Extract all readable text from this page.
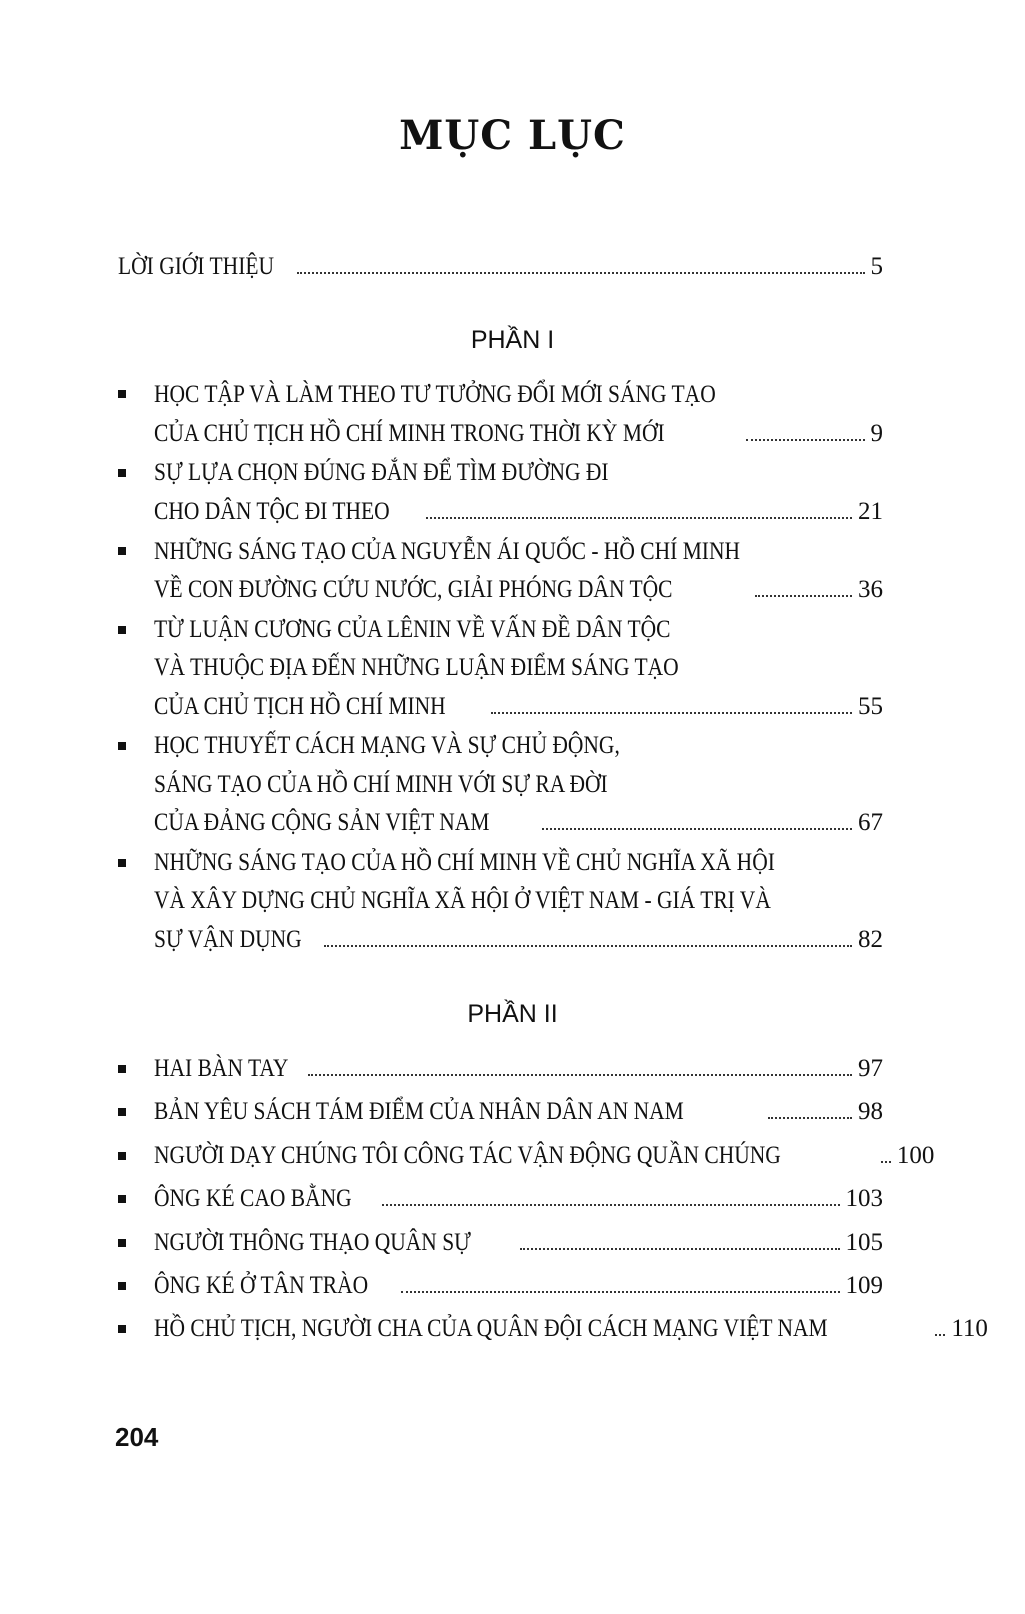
MỤC LỤC
LỜI GIỚI THIỆU	5
PHẦN I
HỌC TẬP VÀ LÀM THEO TƯ TƯỞNG ĐỔI MỚI SÁNG TẠO
CỦA CHỦ TỊCH HỒ CHÍ MINH TRONG THỜI KỲ MỚI	9
SỰ LỰA CHỌN ĐÚNG ĐẮN ĐỂ TÌM ĐƯỜNG ĐI
CHO DÂN TỘC ĐI THEO	21
NHỮNG SÁNG TẠO CỦA NGUYỄN ÁI QUỐC - HỒ CHÍ MINH
VỀ CON ĐƯỜNG CỨU NƯỚC, GIẢI PHÓNG DÂN TỘC	36
TỪ LUẬN CƯƠNG CỦA LÊNIN VỀ VẤN ĐỀ DÂN TỘC
VÀ THUỘC ĐỊA ĐẾN NHỮNG LUẬN ĐIỂM SÁNG TẠO
CỦA CHỦ TỊCH HỒ CHÍ MINH	55
HỌC THUYẾT CÁCH MẠNG VÀ SỰ CHỦ ĐỘNG,
SÁNG TẠO CỦA HỒ CHÍ MINH VỚI SỰ RA ĐỜI
CỦA ĐẢNG CỘNG SẢN VIỆT NAM	67
NHỮNG SÁNG TẠO CỦA HỒ CHÍ MINH VỀ CHỦ NGHĨA XÃ HỘI
VÀ XÂY DỰNG CHỦ NGHĨA XÃ HỘI Ở VIỆT NAM - GIÁ TRỊ VÀ
SỰ VẬN DỤNG	82
PHẦN II
HAI BÀN TAY	97
BẢN YÊU SÁCH TÁM ĐIỂM CỦA NHÂN DÂN AN NAM	98
NGƯỜI DẠY CHÚNG TÔI CÔNG TÁC VẬN ĐỘNG QUẦN CHÚNG	100
ÔNG KÉ CAO BẰNG	103
NGƯỜI THÔNG THẠO QUÂN SỰ	105
ÔNG KÉ Ở TÂN TRÀO	109
HỒ CHỦ TỊCH, NGƯỜI CHA CỦA QUÂN ĐỘI CÁCH MẠNG VIỆT NAM	110

204
